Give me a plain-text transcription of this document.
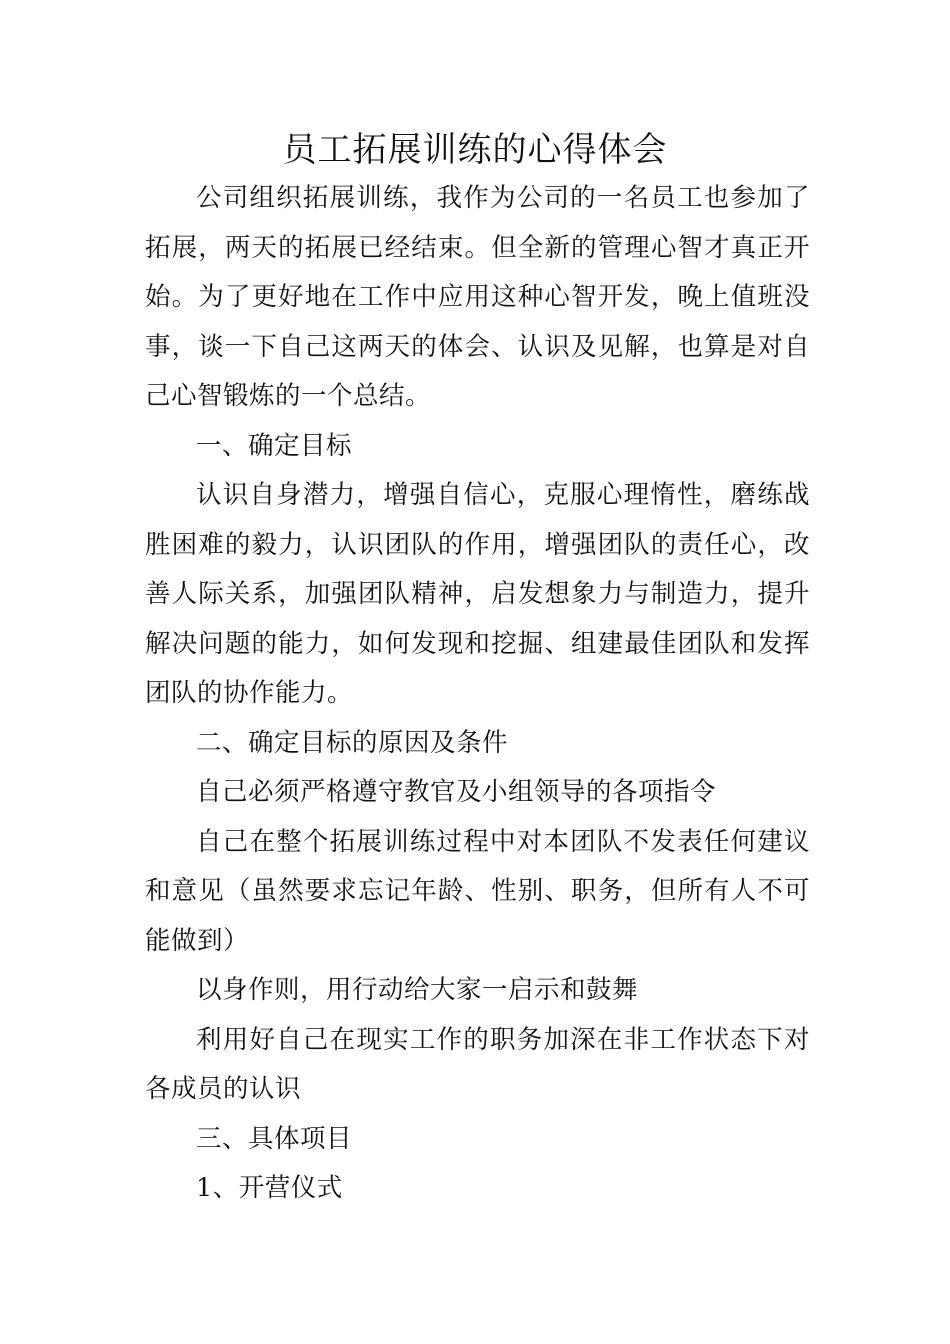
员工拓展训练的心得体会

公司组织拓展训练，我作为公司的一名员工也参加了拓展，两天的拓展已经结束。但全新的管理心智才真正开始。为了更好地在工作中应用这种心智开发，晚上值班没事，谈一下自己这两天的体会、认识及见解，也算是对自己心智锻炼的一个总结。

一、确定目标

认识自身潜力，增强自信心，克服心理惰性，磨练战胜困难的毅力，认识团队的作用，增强团队的责任心，改善人际关系，加强团队精神，启发想象力与制造力，提升解决问题的能力，如何发现和挖掘、组建最佳团队和发挥团队的协作能力。

二、确定目标的原因及条件

自己必须严格遵守教官及小组领导的各项指令

自己在整个拓展训练过程中对本团队不发表任何建议和意见（虽然要求忘记年龄、性别、职务，但所有人不可能做到）

以身作则，用行动给大家一启示和鼓舞

利用好自己在现实工作的职务加深在非工作状态下对各成员的认识

三、具体项目

1、开营仪式
